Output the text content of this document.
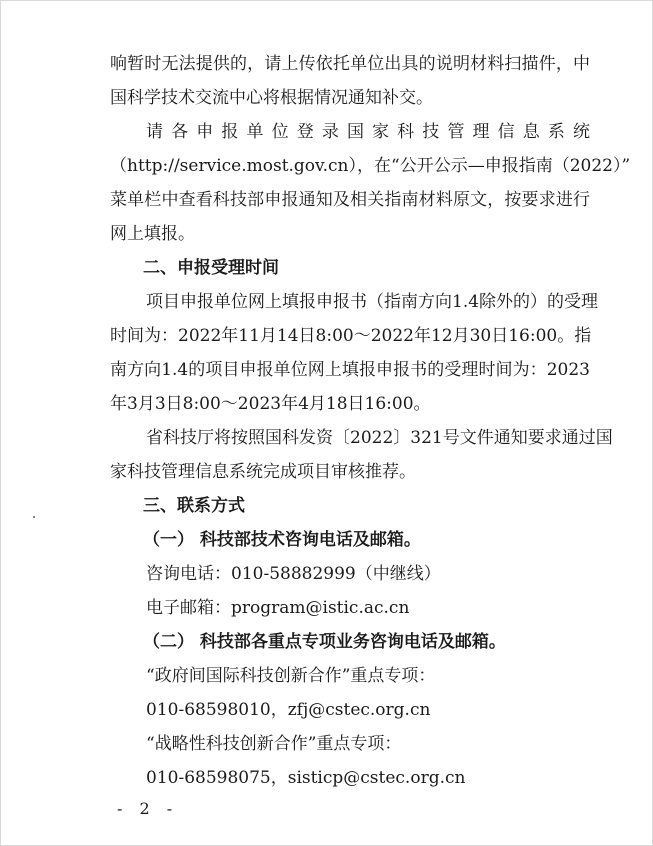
响暂时无法提供的，请上传依托单位出具的说明材料扫描件，中

国科学技术交流中心将根据情况通知补交。

请各申报单位登录国家科技管理信息系统

（http://service.most.gov.cn），在“公开公示—申报指南（2022）”

菜单栏中查看科技部申报通知及相关指南材料原文，按要求进行

网上填报。

二、申报受理时间

项目申报单位网上填报申报书（指南方向1.4除外的）的受理

时间为：2022年11月14日8:00～2022年12月30日16:00。指

南方向1.4的项目申报单位网上填报申报书的受理时间为：2023

年3月3日8:00～2023年4月18日16:00。

省科技厅将按照国科发资〔2022〕321号文件通知要求通过国

家科技管理信息系统完成项目审核推荐。

三、联系方式

（一） 科技部技术咨询电话及邮箱。

咨询电话：010-58882999（中继线）

电子邮箱：program@istic.ac.cn

（二） 科技部各重点专项业务咨询电话及邮箱。

“政府间国际科技创新合作”重点专项：

010-68598010，zfj@cstec.org.cn

“战略性科技创新合作”重点专项：

010-68598075，sisticp@cstec.org.cn

- 2 -
